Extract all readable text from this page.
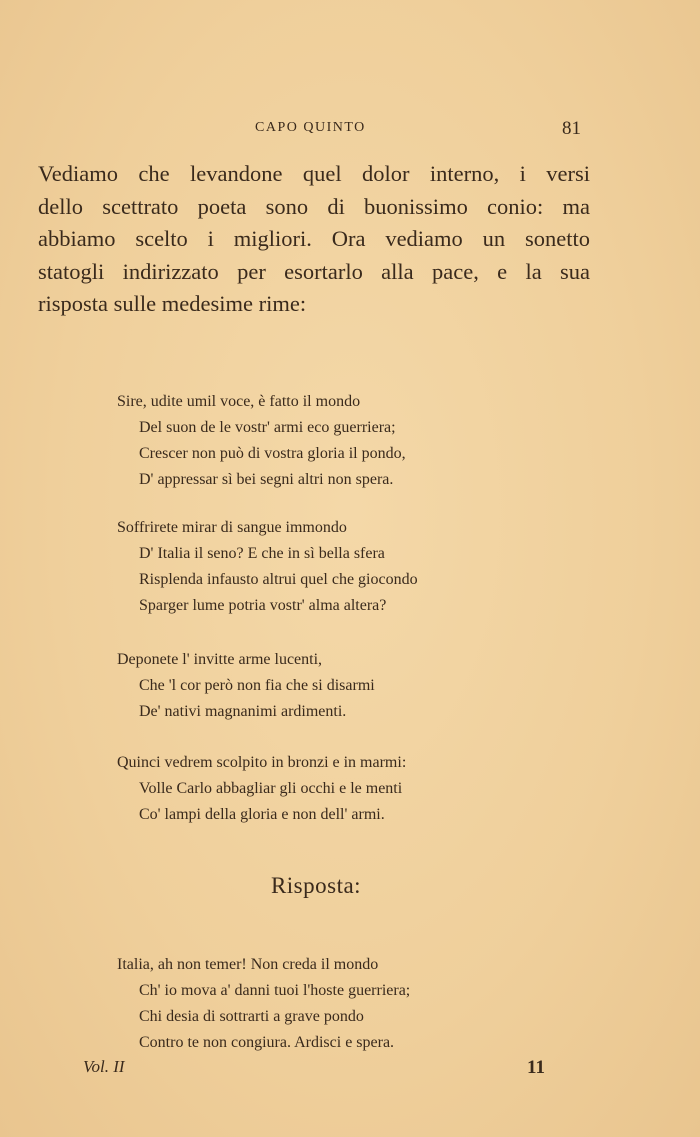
CAPO QUINTO	81
Vediamo che levandone quel dolor interno, i versi
dello scettrato poeta sono di buonissimo conio: ma
abbiamo scelto i migliori. Ora vediamo un sonetto
statogli indirizzato per esortarlo alla pace, e la sua
risposta sulle medesime rime:
Sire, udite umil voce, è fatto il mondo
Del suon de le vostr' armi eco guerriera;
Crescer non può di vostra gloria il pondo,
D' appressar sì bei segni altri non spera.
Soffrirete mirar di sangue immondo
D' Italia il seno? E che in sì bella sfera
Risplenda infausto altrui quel che giocondo
Sparger lume potria vostr' alma altera?
Deponete l' invitte arme lucenti,
Che 'l cor però non fia che si disarmi
De' nativi magnanimi ardimenti.
Quinci vedrem scolpito in bronzi e in marmi:
Volle Carlo abbagliar gli occhi e le menti
Co' lampi della gloria e non dell' armi.
Risposta:
Italia, ah non temer! Non creda il mondo
Ch' io mova a' danni tuoi l'hoste guerriera;
Chi desia di sottrarti a grave pondo
Contro te non congiura. Ardisci e spera.
Vol. II	11
